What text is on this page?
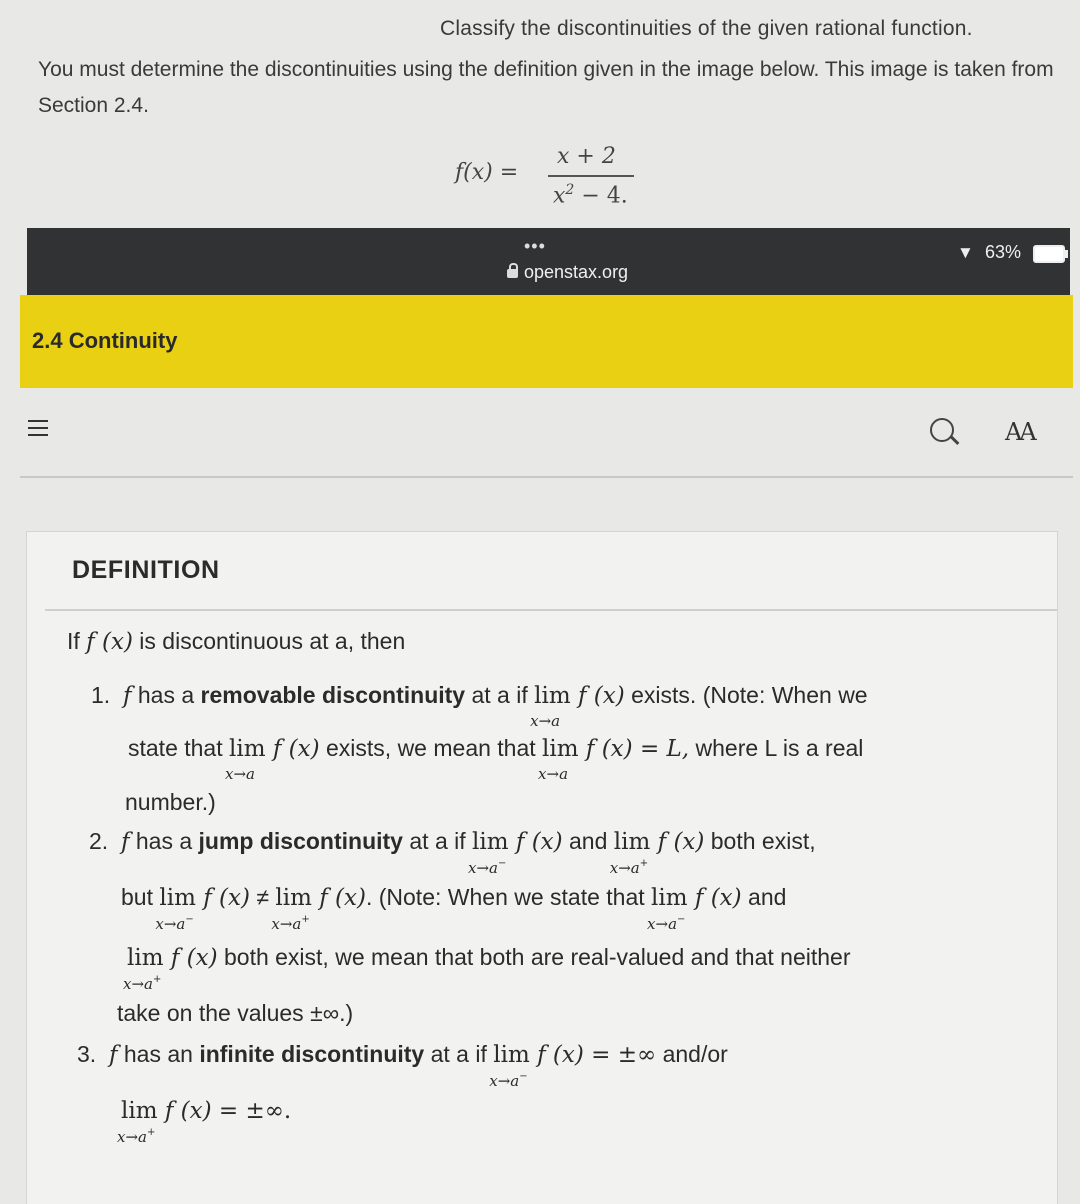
Classify the discontinuities of the given rational function.
You must determine the discontinuities using the definition given in the image below. This image is taken from Section 2.4.
f(x) =
x + 2
$x^2 - 4$.
•••
openstax.org
▼ 63%
2.4 Continuity
AA
DEFINITION
If f (x) is discontinuous at a, then
1. f has a removable discontinuity at a if lim
x→a
f (x) exists. (Note: When we
state that lim
x→a
f (x) exists, we mean that lim
x→a
f (x) = L, where L is a real
number.)
2. f has a jump discontinuity at a if lim
x→a−
f (x) and lim
x→a+
f (x) both exist,
but lim
x→a−
f (x) ≠ lim
x→a+
f (x). (Note: When we state that lim
x→a−
f (x) and
lim
x→a+
f (x) both exist, we mean that both are real-valued and that neither
take on the values ±∞.)
3. f has an infinite discontinuity at a if lim
x→a−
f (x) = ±∞ and/or
lim
x→a+
f (x) = ±∞.
